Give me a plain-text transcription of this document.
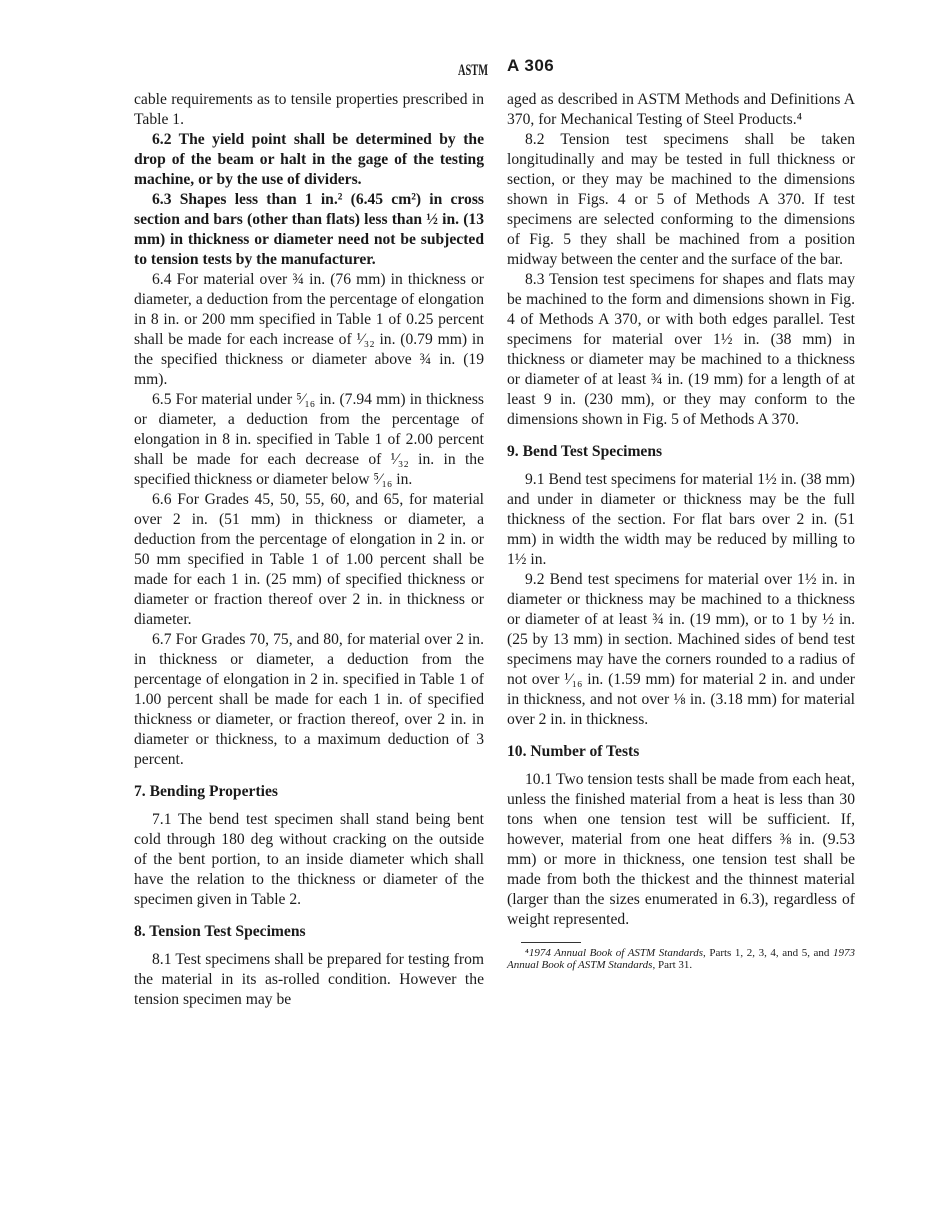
ASTM A 306

cable requirements as to tensile properties prescribed in Table 1.

6.2 The yield point shall be determined by the drop of the beam or halt in the gage of the testing machine, or by the use of dividers.

6.3 Shapes less than 1 in.² (6.45 cm²) in cross section and bars (other than flats) less than ½ in. (13 mm) in thickness or diameter need not be subjected to tension tests by the manufacturer.

6.4 For material over ¾ in. (76 mm) in thickness or diameter, a deduction from the percentage of elongation in 8 in. or 200 mm specified in Table 1 of 0.25 percent shall be made for each increase of ¹⁄₃₂ in. (0.79 mm) in the specified thickness or diameter above ¾ in. (19 mm).

6.5 For material under ⁵⁄₁₆ in. (7.94 mm) in thickness or diameter, a deduction from the percentage of elongation in 8 in. specified in Table 1 of 2.00 percent shall be made for each decrease of ¹⁄₃₂ in. in the specified thickness or diameter below ⁵⁄₁₆ in.

6.6 For Grades 45, 50, 55, 60, and 65, for material over 2 in. (51 mm) in thickness or diameter, a deduction from the percentage of elongation in 2 in. or 50 mm specified in Table 1 of 1.00 percent shall be made for each 1 in. (25 mm) of specified thickness or diameter or fraction thereof over 2 in. in thickness or diameter.

6.7 For Grades 70, 75, and 80, for material over 2 in. in thickness or diameter, a deduction from the percentage of elongation in 2 in. specified in Table 1 of 1.00 percent shall be made for each 1 in. of specified thickness or diameter, or fraction thereof, over 2 in. in diameter or thickness, to a maximum deduction of 3 percent.

7. Bending Properties

7.1 The bend test specimen shall stand being bent cold through 180 deg without cracking on the outside of the bent portion, to an inside diameter which shall have the relation to the thickness or diameter of the specimen given in Table 2.

8. Tension Test Specimens

8.1 Test specimens shall be prepared for testing from the material in its as-rolled condition. However the tension specimen may be

aged as described in ASTM Methods and Definitions A 370, for Mechanical Testing of Steel Products.⁴

8.2 Tension test specimens shall be taken longitudinally and may be tested in full thickness or section, or they may be machined to the dimensions shown in Figs. 4 or 5 of Methods A 370. If test specimens are selected conforming to the dimensions of Fig. 5 they shall be machined from a position midway between the center and the surface of the bar.

8.3 Tension test specimens for shapes and flats may be machined to the form and dimensions shown in Fig. 4 of Methods A 370, or with both edges parallel. Test specimens for material over 1½ in. (38 mm) in thickness or diameter may be machined to a thickness or diameter of at least ¾ in. (19 mm) for a length of at least 9 in. (230 mm), or they may conform to the dimensions shown in Fig. 5 of Methods A 370.

9. Bend Test Specimens

9.1 Bend test specimens for material 1½ in. (38 mm) and under in diameter or thickness may be the full thickness of the section. For flat bars over 2 in. (51 mm) in width the width may be reduced by milling to 1½ in.

9.2 Bend test specimens for material over 1½ in. in diameter or thickness may be machined to a thickness or diameter of at least ¾ in. (19 mm), or to 1 by ½ in. (25 by 13 mm) in section. Machined sides of bend test specimens may have the corners rounded to a radius of not over ¹⁄₁₆ in. (1.59 mm) for material 2 in. and under in thickness, and not over ⅛ in. (3.18 mm) for material over 2 in. in thickness.

10. Number of Tests

10.1 Two tension tests shall be made from each heat, unless the finished material from a heat is less than 30 tons when one tension test will be sufficient. If, however, material from one heat differs ⅜ in. (9.53 mm) or more in thickness, one tension test shall be made from both the thickest and the thinnest material (larger than the sizes enumerated in 6.3), regardless of weight represented.

⁴1974 Annual Book of ASTM Standards, Parts 1, 2, 3, 4, and 5, and 1973 Annual Book of ASTM Standards, Part 31.
